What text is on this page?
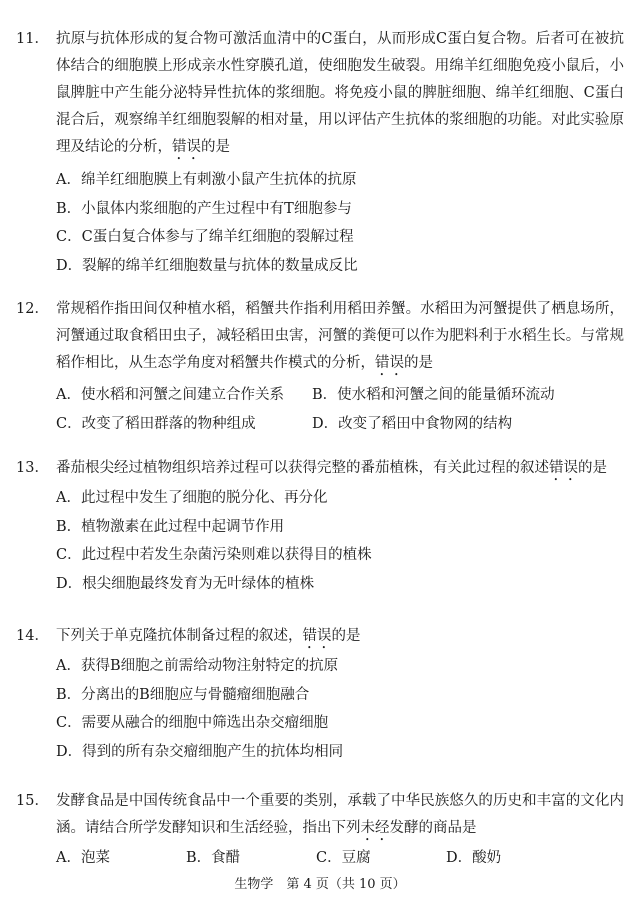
11． 抗原与抗体形成的复合物可激活血清中的C蛋白，从而形成C蛋白复合物。后者可在被抗体结合的细胞膜上形成亲水性穿膜孔道，使细胞发生破裂。用绵羊红细胞免疫小鼠后，小鼠脾脏中产生能分泌特异性抗体的浆细胞。将免疫小鼠的脾脏细胞、绵羊红细胞、C蛋白混合后，观察绵羊红细胞裂解的相对量，用以评估产生抗体的浆细胞的功能。对此实验原理及结论的分析，错误的是
A．绵羊红细胞膜上有刺激小鼠产生抗体的抗原
B．小鼠体内浆细胞的产生过程中有T细胞参与
C．C蛋白复合体参与了绵羊红细胞的裂解过程
D．裂解的绵羊红细胞数量与抗体的数量成反比
12． 常规稻作指田间仅种植水稻，稻蟹共作指利用稻田养蟹。水稻田为河蟹提供了栖息场所，河蟹通过取食稻田虫子，减轻稻田虫害，河蟹的粪便可以作为肥料利于水稻生长。与常规稻作相比，从生态学角度对稻蟹共作模式的分析，错误的是
A．使水稻和河蟹之间建立合作关系	B．使水稻和河蟹之间的能量循环流动
C．改变了稻田群落的物种组成	D．改变了稻田中食物网的结构
13． 番茄根尖经过植物组织培养过程可以获得完整的番茄植株，有关此过程的叙述错误的是
A．此过程中发生了细胞的脱分化、再分化
B．植物激素在此过程中起调节作用
C．此过程中若发生杂菌污染则难以获得目的植株
D．根尖细胞最终发育为无叶绿体的植株
14． 下列关于单克隆抗体制备过程的叙述，错误的是
A．获得B细胞之前需给动物注射特定的抗原
B．分离出的B细胞应与骨髓瘤细胞融合
C．需要从融合的细胞中筛选出杂交瘤细胞
D．得到的所有杂交瘤细胞产生的抗体均相同
15． 发酵食品是中国传统食品中一个重要的类别，承载了中华民族悠久的历史和丰富的文化内涵。请结合所学发酵知识和生活经验，指出下列未经发酵的商品是
A．泡菜	B．食醋	C．豆腐	D．酸奶
生物学　第 4 页（共 10 页）
